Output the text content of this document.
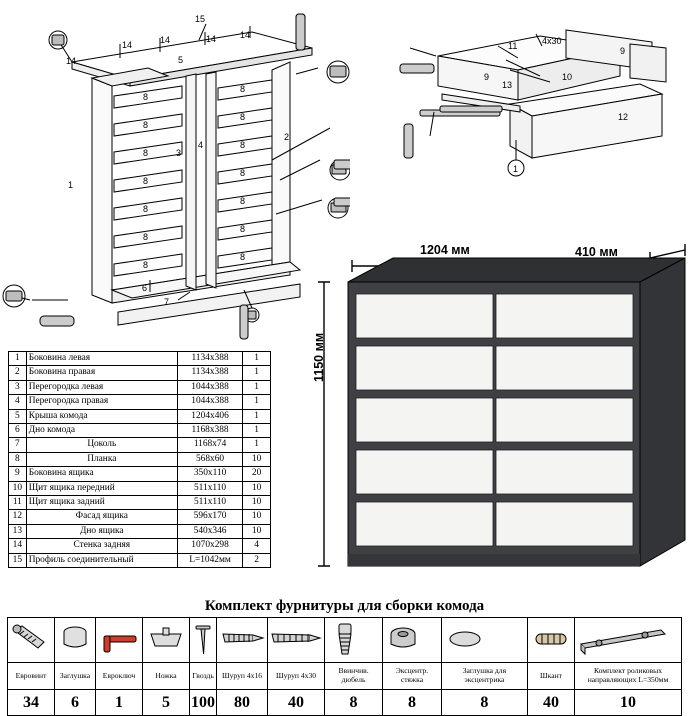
15
14	14	14	14
14	5
1
2
3
4
6
7
8
8
8
8
8
8
8
8
8
8
8
8
8
8
11	4х30
9
9
13
10
12
1
1	Боковина левая	1134х388	1
2	Боковина правая	1134х388	1
3	Перегородка левая	1044х388	1
4	Перегородка правая	1044х388	1
5	Крыша комода	1204х406	1
6	Дно комода	1168х388	1
7	Цоколь	1168х74	1
8	Планка	568х60	10
9	Боковина ящика	350х110	20
10	Щит ящика передний	511х110	10
11	Щит ящика задний	511х110	10
12	Фасад ящика	596х170	10
13	Дно ящика	540х346	10
14	Стенка задняя	1070х298	4
15	Профиль соединительный	L=1042мм	2
1204 мм	410 мм
1150 мм
Комплект фурнитуры для сборки комода

Евровинт	Заглушка	Евроключ	Ножка	Гвоздь	Шуруп 4х16	Шуруп 4х30	Ввинчив. дюбель	Эксцентр. стяжка	Заглушка для эксцентрика	Шкант	Комплект роликовых направляющих L=350мм
34	6	1	5	100	80	40	8	8	8	40	10
